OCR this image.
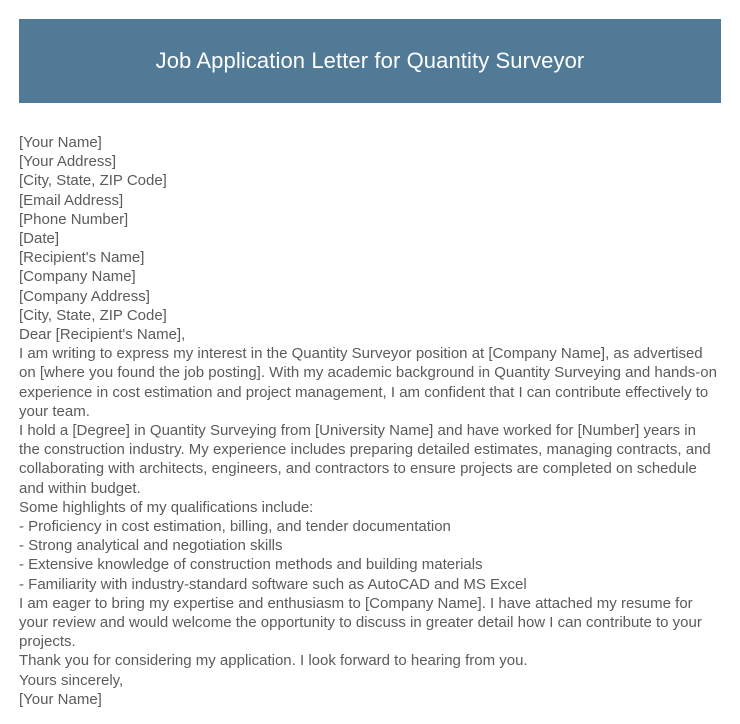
Job Application Letter for Quantity Surveyor
[Your Name]
[Your Address]
[City, State, ZIP Code]
[Email Address]
[Phone Number]
[Date]
[Recipient's Name]
[Company Name]
[Company Address]
[City, State, ZIP Code]
Dear [Recipient's Name],
I am writing to express my interest in the Quantity Surveyor position at [Company Name], as advertised on [where you found the job posting]. With my academic background in Quantity Surveying and hands-on experience in cost estimation and project management, I am confident that I can contribute effectively to your team.
I hold a [Degree] in Quantity Surveying from [University Name] and have worked for [Number] years in the construction industry. My experience includes preparing detailed estimates, managing contracts, and collaborating with architects, engineers, and contractors to ensure projects are completed on schedule and within budget.
Some highlights of my qualifications include:
- Proficiency in cost estimation, billing, and tender documentation
- Strong analytical and negotiation skills
- Extensive knowledge of construction methods and building materials
- Familiarity with industry-standard software such as AutoCAD and MS Excel
I am eager to bring my expertise and enthusiasm to [Company Name]. I have attached my resume for your review and would welcome the opportunity to discuss in greater detail how I can contribute to your projects.
Thank you for considering my application. I look forward to hearing from you.
Yours sincerely,
[Your Name]
